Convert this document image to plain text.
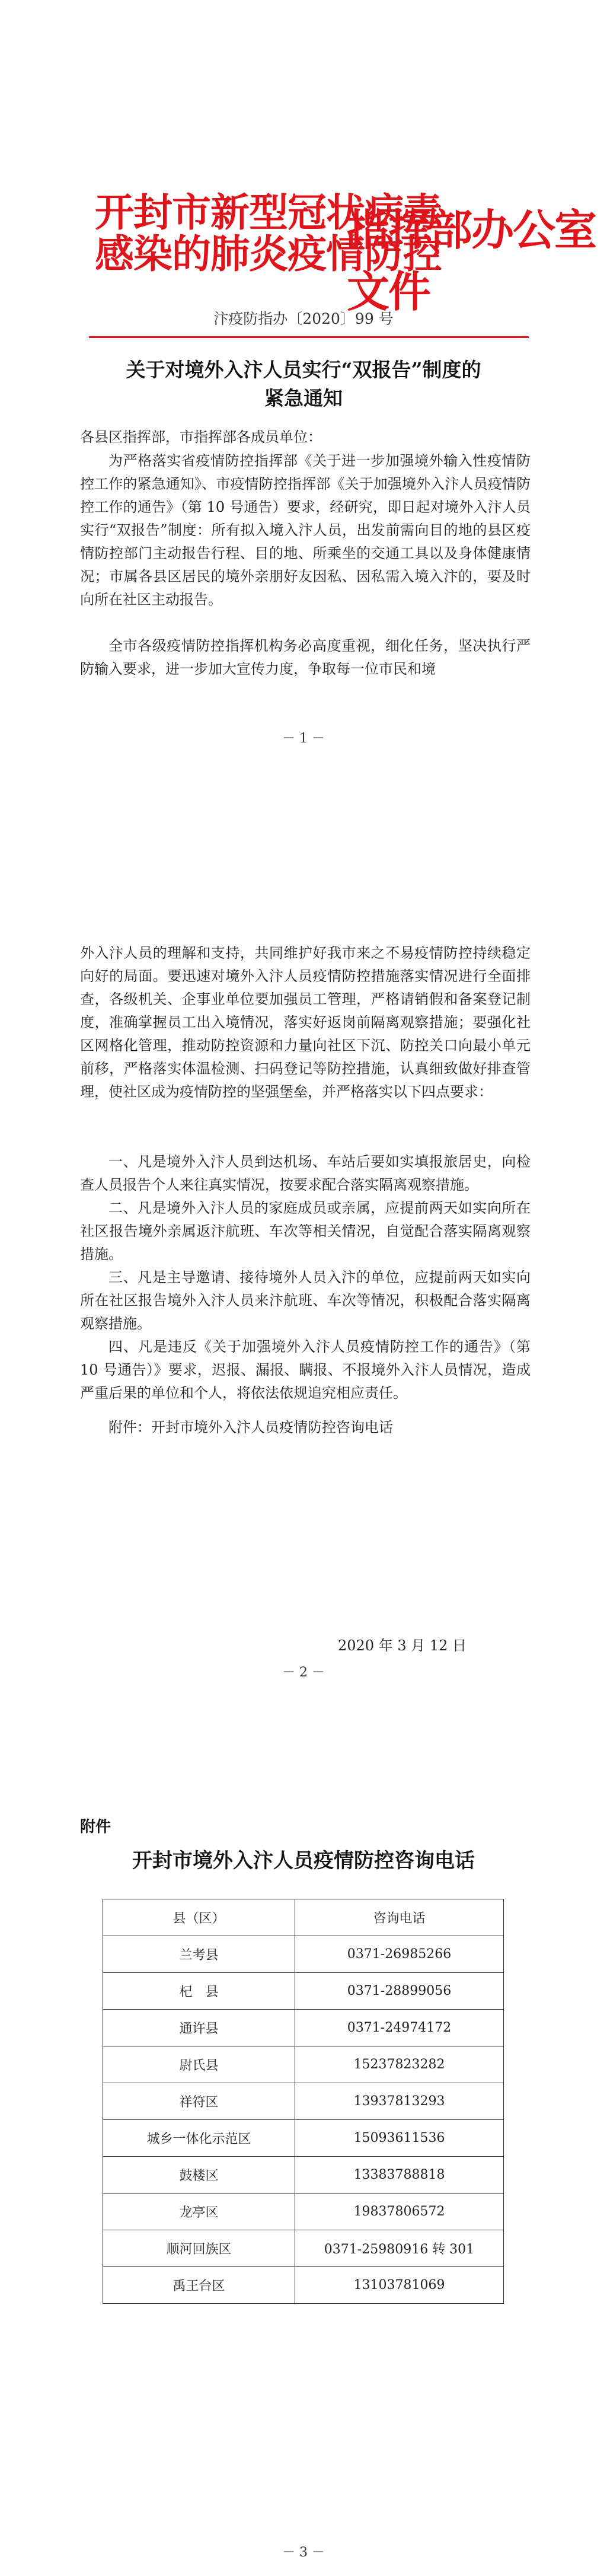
开封市新型冠状病毒
感染的肺炎疫情防控
指挥部办公室文件
汴疫防指办〔2020〕99 号
关于对境外入汴人员实行“双报告”制度的
紧急通知
各县区指挥部，市指挥部各成员单位：
为严格落实省疫情防控指挥部《关于进一步加强境外输入性疫情防控工作的紧急通知》、市疫情防控指挥部《关于加强境外入汴人员疫情防控工作的通告》（第 10 号通告）要求，经研究，即日起对境外入汴人员实行“双报告”制度：所有拟入境入汴人员，出发前需向目的地的县区疫情防控部门主动报告行程、目的地、所乘坐的交通工具以及身体健康情况；市属各县区居民的境外亲朋好友因私、因私需入境入汴的，要及时向所在社区主动报告。
全市各级疫情防控指挥机构务必高度重视，细化任务，坚决执行严防输入要求，进一步加大宣传力度，争取每一位市民和境
－ 1 －
外入汴人员的理解和支持，共同维护好我市来之不易疫情防控持续稳定向好的局面。要迅速对境外入汴人员疫情防控措施落实情况进行全面排查，各级机关、企事业单位要加强员工管理，严格请销假和备案登记制度，准确掌握员工出入境情况，落实好返岗前隔离观察措施；要强化社区网格化管理，推动防控资源和力量向社区下沉、防控关口向最小单元前移，严格落实体温检测、扫码登记等防控措施，认真细致做好排查管理，使社区成为疫情防控的坚强堡垒，并严格落实以下四点要求：
一、凡是境外入汴人员到达机场、车站后要如实填报旅居史，向检查人员报告个人来往真实情况，按要求配合落实隔离观察措施。
二、凡是境外入汴人员的家庭成员或亲属，应提前两天如实向所在社区报告境外亲属返汴航班、车次等相关情况，自觉配合落实隔离观察措施。
三、凡是主导邀请、接待境外人员入汴的单位，应提前两天如实向所在社区报告境外入汴人员来汴航班、车次等情况，积极配合落实隔离观察措施。
四、凡是违反《关于加强境外入汴人员疫情防控工作的通告》（第 10 号通告）》要求，迟报、漏报、瞒报、不报境外入汴人员情况，造成严重后果的单位和个人，将依法依规追究相应责任。
附件：开封市境外入汴人员疫情防控咨询电话
2020 年 3 月 12 日
－ 2 －
附件
开封市境外入汴人员疫情防控咨询电话
县（区）	咨询电话
兰考县	0371-26985266
杞　县	0371-28899056
通许县	0371-24974172
尉氏县	15237823282
祥符区	13937813293
城乡一体化示范区	15093611536
鼓楼区	13383788818
龙亭区	19837806572
顺河回族区	0371-25980916 转 301
禹王台区	13103781069
－ 3 －
